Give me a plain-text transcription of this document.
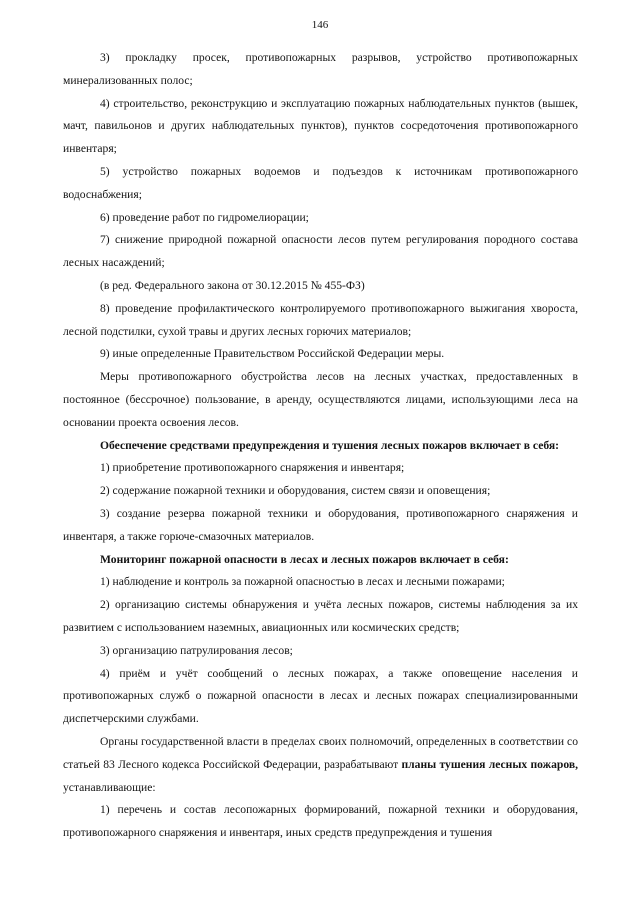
146

3) прокладку просек, противопожарных разрывов, устройство противопожарных минерализованных полос;

4) строительство, реконструкцию и эксплуатацию пожарных наблюдательных пунктов (вышек, мачт, павильонов и других наблюдательных пунктов), пунктов сосредоточения противопожарного инвентаря;

5) устройство пожарных водоемов и подъездов к источникам противопожарного водоснабжения;

6) проведение работ по гидромелиорации;

7) снижение природной пожарной опасности лесов путем регулирования породного состава лесных насаждений;

(в ред. Федерального закона от 30.12.2015 № 455-ФЗ)

8) проведение профилактического контролируемого противопожарного выжигания хвороста, лесной подстилки, сухой травы и других лесных горючих материалов;

9) иные определенные Правительством Российской Федерации меры.

Меры противопожарного обустройства лесов на лесных участках, предоставленных в постоянное (бессрочное) пользование, в аренду, осуществляются лицами, использующими леса на основании проекта освоения лесов.

Обеспечение средствами предупреждения и тушения лесных пожаров включает в себя:

1) приобретение противопожарного снаряжения и инвентаря;

2) содержание пожарной техники и оборудования, систем связи и оповещения;

3) создание резерва пожарной техники и оборудования, противопожарного снаряжения и инвентаря, а также горюче-смазочных материалов.

Мониторинг пожарной опасности в лесах и лесных пожаров включает в себя:

1) наблюдение и контроль за пожарной опасностью в лесах и лесными пожарами;

2) организацию системы обнаружения и учёта лесных пожаров, системы наблюдения за их развитием с использованием наземных, авиационных или космических средств;

3) организацию патрулирования лесов;

4) приём и учёт сообщений о лесных пожарах, а также оповещение населения и противопожарных служб о пожарной опасности в лесах и лесных пожарах специализированными диспетчерскими службами.

Органы государственной власти в пределах своих полномочий, определенных в соответствии со статьей 83 Лесного кодекса Российской Федерации, разрабатывают планы тушения лесных пожаров, устанавливающие:

1) перечень и состав лесопожарных формирований, пожарной техники и оборудования, противопожарного снаряжения и инвентаря, иных средств предупреждения и тушения
